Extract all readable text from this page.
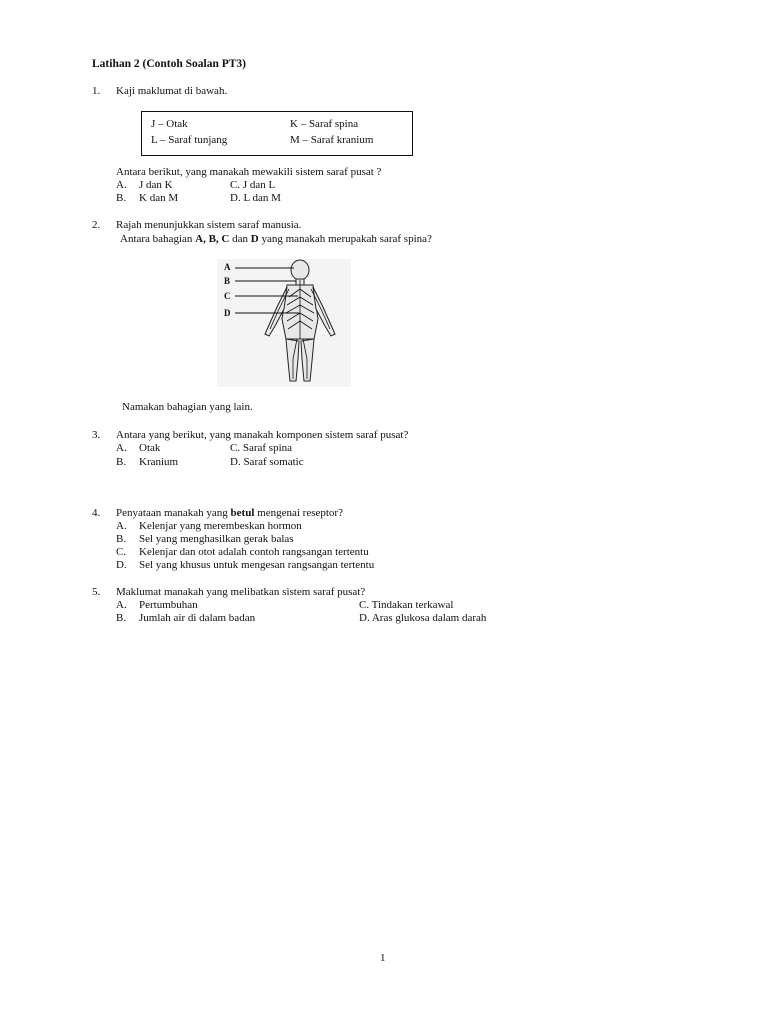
Latihan 2 (Contoh Soalan PT3)
1. Kaji maklumat di bawah.
J – Otak	K – Saraf spina
L – Saraf tunjang	M – Saraf kranium
Antara berikut, yang manakah mewakili sistem saraf pusat ?
A. J dan K
B. K dan M
C. J dan L
D. L dan M
2. Rajah menunjukkan sistem saraf manusia.
Antara bahagian A, B, C dan D yang manakah merupakah saraf spina?
A
B
C
D
Namakan bahagian yang lain.
3. Antara yang berikut, yang manakah komponen sistem saraf pusat?
A. Otak
B. Kranium
C. Saraf spina
D. Saraf somatic
4. Penyataan manakah yang betul mengenai reseptor?
A. Kelenjar yang merembeskan hormon
B. Sel yang menghasilkan gerak balas
C. Kelenjar dan otot adalah contoh rangsangan tertentu
D. Sel yang khusus untuk mengesan rangsangan tertentu
5. Maklumat manakah yang melibatkan sistem saraf pusat?
A. Pertumbuhan
B. Jumlah air di dalam badan
C. Tindakan terkawal
D. Aras glukosa dalam darah
1
